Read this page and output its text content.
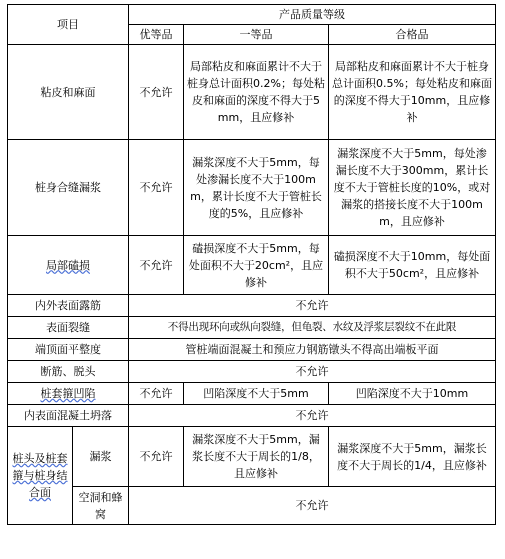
项目		产品质量等级		
		优等品	一等品	合格品
粘皮和麻面		不允许	局部粘皮和麻面累计不大于桩身总计面积0.2%；每处粘皮和麻面的深度不得大于5mm，且应修补	局部粘皮和麻面累计不大于桩身总计面积0.5%；每处粘皮和麻面的深度不得大于10mm，且应修补
桩身合缝漏浆		不允许	漏浆深度不大于5mm，每处渗漏长度不大于100mm，累计长度不大于管桩长度的5%，且应修补	漏浆深度不大于5mm，每处渗漏长度不大于300mm，累计长度不大于管桩长度的10%，或对漏浆的搭接长度不大于100mm，且应修补
局部磕损		不允许	磕损深度不大于5mm，每处面积不大于20cm²，且应修补	磕损深度不大于10mm，每处面积不大于50cm²，且应修补
内外表面露筋		不允许		
表面裂缝		不得出现环向或纵向裂缝，但龟裂、水纹及浮浆层裂纹不在此限		
端顶面平整度		管桩端面混凝土和预应力钢筋镦头不得高出端板平面		
断筋、脱头		不允许		
桩套箍凹陷		不允许	凹陷深度不大于5mm	凹陷深度不大于10mm
内表面混凝土坍落		不允许		
桩头及桩套箍与桩身结合面	漏浆	不允许	漏浆深度不大于5mm，漏浆长度不大于周长的1/8，且应修补	漏浆深度不大于5mm，漏浆长度不大于周长的1/4，且应修补
	空洞和蜂窝	不允许		
